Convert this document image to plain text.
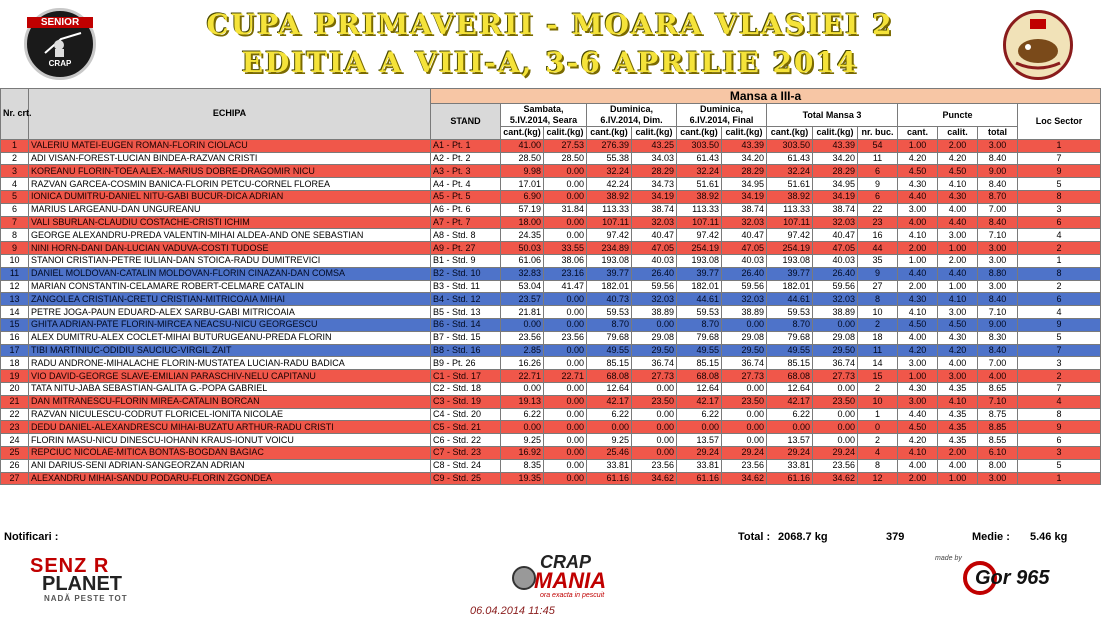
SENIOR
CRAP
CUPA PRIMAVERII - MOARA VLASIEI 2
EDITIA A VIII-A, 3-6 APRILIE 2014
Nr. crt.	ECHIPA	Mansa a III-a													
		STAND	Sambata, 5.IV.2014, Seara		Duminica, 6.IV.2014, Dim.		Duminica, 6.IV.2014, Final		Total Mansa 3			Puncte			Loc Sector
			cant.(kg)	calit.(kg)	cant.(kg)	calit.(kg)	cant.(kg)	calit.(kg)	cant.(kg)	calit.(kg)	nr. buc.	cant.	calit.	total	
1	VALERIU MATEI-EUGEN ROMAN-FLORIN CIOLACU	A1 - Pt. 1	41.00	27.53	276.39	43.25	303.50	43.39	303.50	43.39	54	1.00	2.00	3.00	1
2	ADI VISAN-FOREST-LUCIAN BINDEA-RAZVAN CRISTI	A2 - Pt. 2	28.50	28.50	55.38	34.03	61.43	34.20	61.43	34.20	11	4.20	4.20	8.40	7
3	KOREANU FLORIN-TOEA ALEX.-MARIUS DOBRE-DRAGOMIR NICU	A3 - Pt. 3	9.98	0.00	32.24	28.29	32.24	28.29	32.24	28.29	6	4.50	4.50	9.00	9
4	RAZVAN GARCEA-COSMIN BANICA-FLORIN PETCU-CORNEL FLOREA	A4 - Pt. 4	17.01	0.00	42.24	34.73	51.61	34.95	51.61	34.95	9	4.30	4.10	8.40	5
5	IONICA DUMITRU-DANIEL NITU-GABI BUCUR-DICA ADRIAN	A5 - Pt. 5	6.90	0.00	38.92	34.19	38.92	34.19	38.92	34.19	6	4.40	4.30	8.70	8
6	MARIUS LARGEANU-DAN UNGUREANU	A6 - Pt. 6	57.19	31.84	113.33	38.74	113.33	38.74	113.33	38.74	22	3.00	4.00	7.00	3
7	VALI SBURLAN-CLAUDIU COSTACHE-CRISTI ICHIM	A7 - Pt. 7	18.00	0.00	107.11	32.03	107.11	32.03	107.11	32.03	23	4.00	4.40	8.40	6
8	GEORGE ALEXANDRU-PREDA VALENTIN-MIHAI ALDEA-AND ONE SEBASTIAN	A8 - Std. 8	24.35	0.00	97.42	40.47	97.42	40.47	97.42	40.47	16	4.10	3.00	7.10	4
9	NINI HORN-DANI DAN-LUCIAN VADUVA-COSTI TUDOSE	A9 - Pt. 27	50.03	33.55	234.89	47.05	254.19	47.05	254.19	47.05	44	2.00	1.00	3.00	2
10	STANOI CRISTIAN-PETRE IULIAN-DAN STOICA-RADU DUMITREVICI	B1 - Std. 9	61.06	38.06	193.08	40.03	193.08	40.03	193.08	40.03	35	1.00	2.00	3.00	1
11	DANIEL MOLDOVAN-CATALIN MOLDOVAN-FLORIN CINAZAN-DAN COMSA	B2 - Std. 10	32.83	23.16	39.77	26.40	39.77	26.40	39.77	26.40	9	4.40	4.40	8.80	8
12	MARIAN CONSTANTIN-CELAMARE ROBERT-CELMARE CATALIN	B3 - Std. 11	53.04	41.47	182.01	59.56	182.01	59.56	182.01	59.56	27	2.00	1.00	3.00	2
13	ZANGOLEA CRISTIAN-CRETU CRISTIAN-MITRICOAIA MIHAI	B4 - Std. 12	23.57	0.00	40.73	32.03	44.61	32.03	44.61	32.03	8	4.30	4.10	8.40	6
14	PETRE JOGA-PAUN EDUARD-ALEX SARBU-GABI MITRICOAIA	B5 - Std. 13	21.81	0.00	59.53	38.89	59.53	38.89	59.53	38.89	10	4.10	3.00	7.10	4
15	GHITA ADRIAN-PATE FLORIN-MIRCEA NEACSU-NICU GEORGESCU	B6 - Std. 14	0.00	0.00	8.70	0.00	8.70	0.00	8.70	0.00	2	4.50	4.50	9.00	9
16	ALEX DUMITRU-ALEX COCLET-MIHAI BUTURUGEANU-PREDA FLORIN	B7 - Std. 15	23.56	23.56	79.68	29.08	79.68	29.08	79.68	29.08	18	4.00	4.30	8.30	5
17	TIBI MARTINIUC-ODIDIU SAUCIUC-VIRGIL ZAIT	B8 - Std. 16	2.85	0.00	49.55	29.50	49.55	29.50	49.55	29.50	11	4.20	4.20	8.40	7
18	RADU ANDRONE-MIHALACHE FLORIN-MUSTATEA LUCIAN-RADU BADICA	B9 - Pt. 26	16.26	0.00	85.15	36.74	85.15	36.74	85.15	36.74	14	3.00	4.00	7.00	3
19	VIO DAVID-GEORGE SLAVE-EMILIAN PARASCHIV-NELU CAPITANU	C1 - Std. 17	22.71	22.71	68.08	27.73	68.08	27.73	68.08	27.73	15	1.00	3.00	4.00	2
20	TATA NITU-JABA SEBASTIAN-GALITA G.-POPA GABRIEL	C2 - Std. 18	0.00	0.00	12.64	0.00	12.64	0.00	12.64	0.00	2	4.30	4.35	8.65	7
21	DAN MITRANESCU-FLORIN MIREA-CATALIN BORCAN	C3 - Std. 19	19.13	0.00	42.17	23.50	42.17	23.50	42.17	23.50	10	3.00	4.10	7.10	4
22	RAZVAN NICULESCU-CODRUT FLORICEL-IONITA NICOLAE	C4 - Std. 20	6.22	0.00	6.22	0.00	6.22	0.00	6.22	0.00	1	4.40	4.35	8.75	8
23	DEDU DANIEL-ALEXANDRESCU MIHAI-BUZATU ARTHUR-RADU CRISTI	C5 - Std. 21	0.00	0.00	0.00	0.00	0.00	0.00	0.00	0.00	0	4.50	4.35	8.85	9
24	FLORIN MASU-NICU DINESCU-IOHANN KRAUS-IONUT VOICU	C6 - Std. 22	9.25	0.00	9.25	0.00	13.57	0.00	13.57	0.00	2	4.20	4.35	8.55	6
25	REPCIUC NICOLAE-MITICA BONTAS-BOGDAN BAGIAC	C7 - Std. 23	16.92	0.00	25.46	0.00	29.24	29.24	29.24	29.24	4	4.10	2.00	6.10	3
26	ANI DARIUS-SENI ADRIAN-SANGEORZAN ADRIAN	C8 - Std. 24	8.35	0.00	33.81	23.56	33.81	23.56	33.81	23.56	8	4.00	4.00	8.00	5
27	ALEXANDRU MIHAI-SANDU PODARU-FLORIN ZGONDEA	C9 - Std. 25	19.35	0.00	61.16	34.62	61.16	34.62	61.16	34.62	12	2.00	1.00	3.00	1
Notificari :	Total : 2068.7 kg	379	Medie : 5.46 kg
SENZ R
PLANET
NADĂ PESTE TOT
CRAP
MANIA
ora exacta in pescuit
made by
Gor 965
06.04.2014 11:45
